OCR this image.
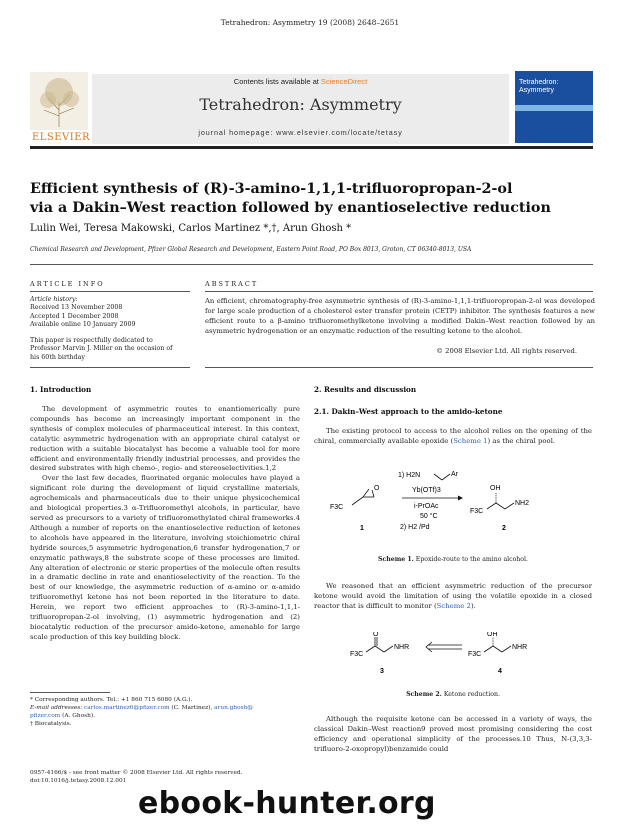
Tetrahedron: Asymmetry 19 (2008) 2648–2651
ELSEVIER
Contents lists available at ScienceDirect
Tetrahedron: Asymmetry
journal homepage: www.elsevier.com/locate/tetasy
Tetrahedron: Asymmetry
Efficient synthesis of (R)-3-amino-1,1,1-trifluoropropan-2-ol
via a Dakin–West reaction followed by enantioselective reduction
Lulin Wei, Teresa Makowski, Carlos Martinez *,†, Arun Ghosh *
Chemical Research and Development, Pfizer Global Research and Development, Eastern Point Road, PO Box 8013, Groton, CT 06340-8013, USA
ARTICLE INFO
Article history:
Received 13 November 2008
Accepted 1 December 2008
Available online 10 January 2009
This paper is respectfully dedicated to
Professor Marvin J. Miller on the occasion of
his 60th birthday
ABSTRACT
An efficient, chromatography-free asymmetric synthesis of (R)-3-amino-1,1,1-trifluoropropan-2-ol was developed for large scale production of a cholesterol ester transfer protein (CETP) inhibitor. The synthesis features a new efficient route to a β-amino trifluoromethylketone involving a modified Dakin–West reaction followed by an asymmetric hydrogenation or an enzymatic reduction of the resulting ketone to the alcohol.
© 2008 Elsevier Ltd. All rights reserved.
1. Introduction

The development of asymmetric routes to enantiomerically pure compounds has become an increasingly important component in the synthesis of complex molecules of pharmaceutical interest. In this context, catalytic asymmetric hydrogenation with an appropriate chiral catalyst or reduction with a suitable biocatalyst has become a valuable tool for more efficient and environmentally friendly industrial processes, and provides the desired substrates with high chemo-, regio- and stereoselectivities.1,2

Over the last few decades, fluorinated organic molecules have played a significant role during the development of liquid crystalline materials, agrochemicals and pharmaceuticals due to their unique physicochemical and biological properties.3 α-Trifluoromethyl alcohols, in particular, have served as precursors to a variety of trifluoromethylated chiral frameworks.4 Although a number of reports on the enantioselective reduction of ketones to alcohols have appeared in the literature, involving stoichiometric chiral hydride sources,5 asymmetric hydrogenation,6 transfer hydrogenation,7 or enzymatic pathways,8 the substrate scope of these processes are limited. Any alteration of electronic or steric properties of the molecule often results in a dramatic decline in rate and enantioselectivity of the reaction. To the best of our knowledge, the asymmetric reduction of α-amino or α-amido trifluoromethyl ketone has not been reported in the literature to date. Herein, we report two efficient approaches to (R)-3-amino-1,1,1-trifluoropropan-2-ol involving, (1) asymmetric hydrogenation and (2) biocatalytic reduction of the precursor amido-ketone, amenable for large scale production of this key building block.

* Corresponding authors. Tel.: +1 860 715 6080 (A.G.).
E-mail addresses: carlos.martinez6@pfizer.com (C. Martinez), arun.ghosh@
pfizer.com (A. Ghosh).
† Biocatalysis.
0957-4166/$ - see front matter © 2008 Elsevier Ltd. All rights reserved.
doi:10.1016/j.tetasy.2008.12.001
2. Results and discussion
2.1. Dakin–West approach to the amido-ketone

The existing protocol to access to the alcohol relies on the opening of the chiral, commercially available epoxide (Scheme 1) as the chiral pool.

O
F3C
1
1) H2N	Ar
Yb(OTf)3
i-PrOAc
50 °C
2) H2 /Pd
F3C
OH
NH2
2
Scheme 1. Epoxide-route to the amino alcohol.

We reasoned that an efficient asymmetric reduction of the precursor ketone would avoid the limitation of using the volatile epoxide in a closed reactor that is difficult to monitor (Scheme 2).

F3C
O
NHR
3
F3C
OH
NHR
4
Scheme 2. Ketone reduction.

Although the requisite ketone can be accessed in a variety of ways, the classical Dakin–West reaction9 proved most promising considering the cost efficiency and operational simplicity of the processes.10 Thus, N-(3,3,3-trifluoro-2-oxopropyl)benzamide could

ebook-hunter.org
